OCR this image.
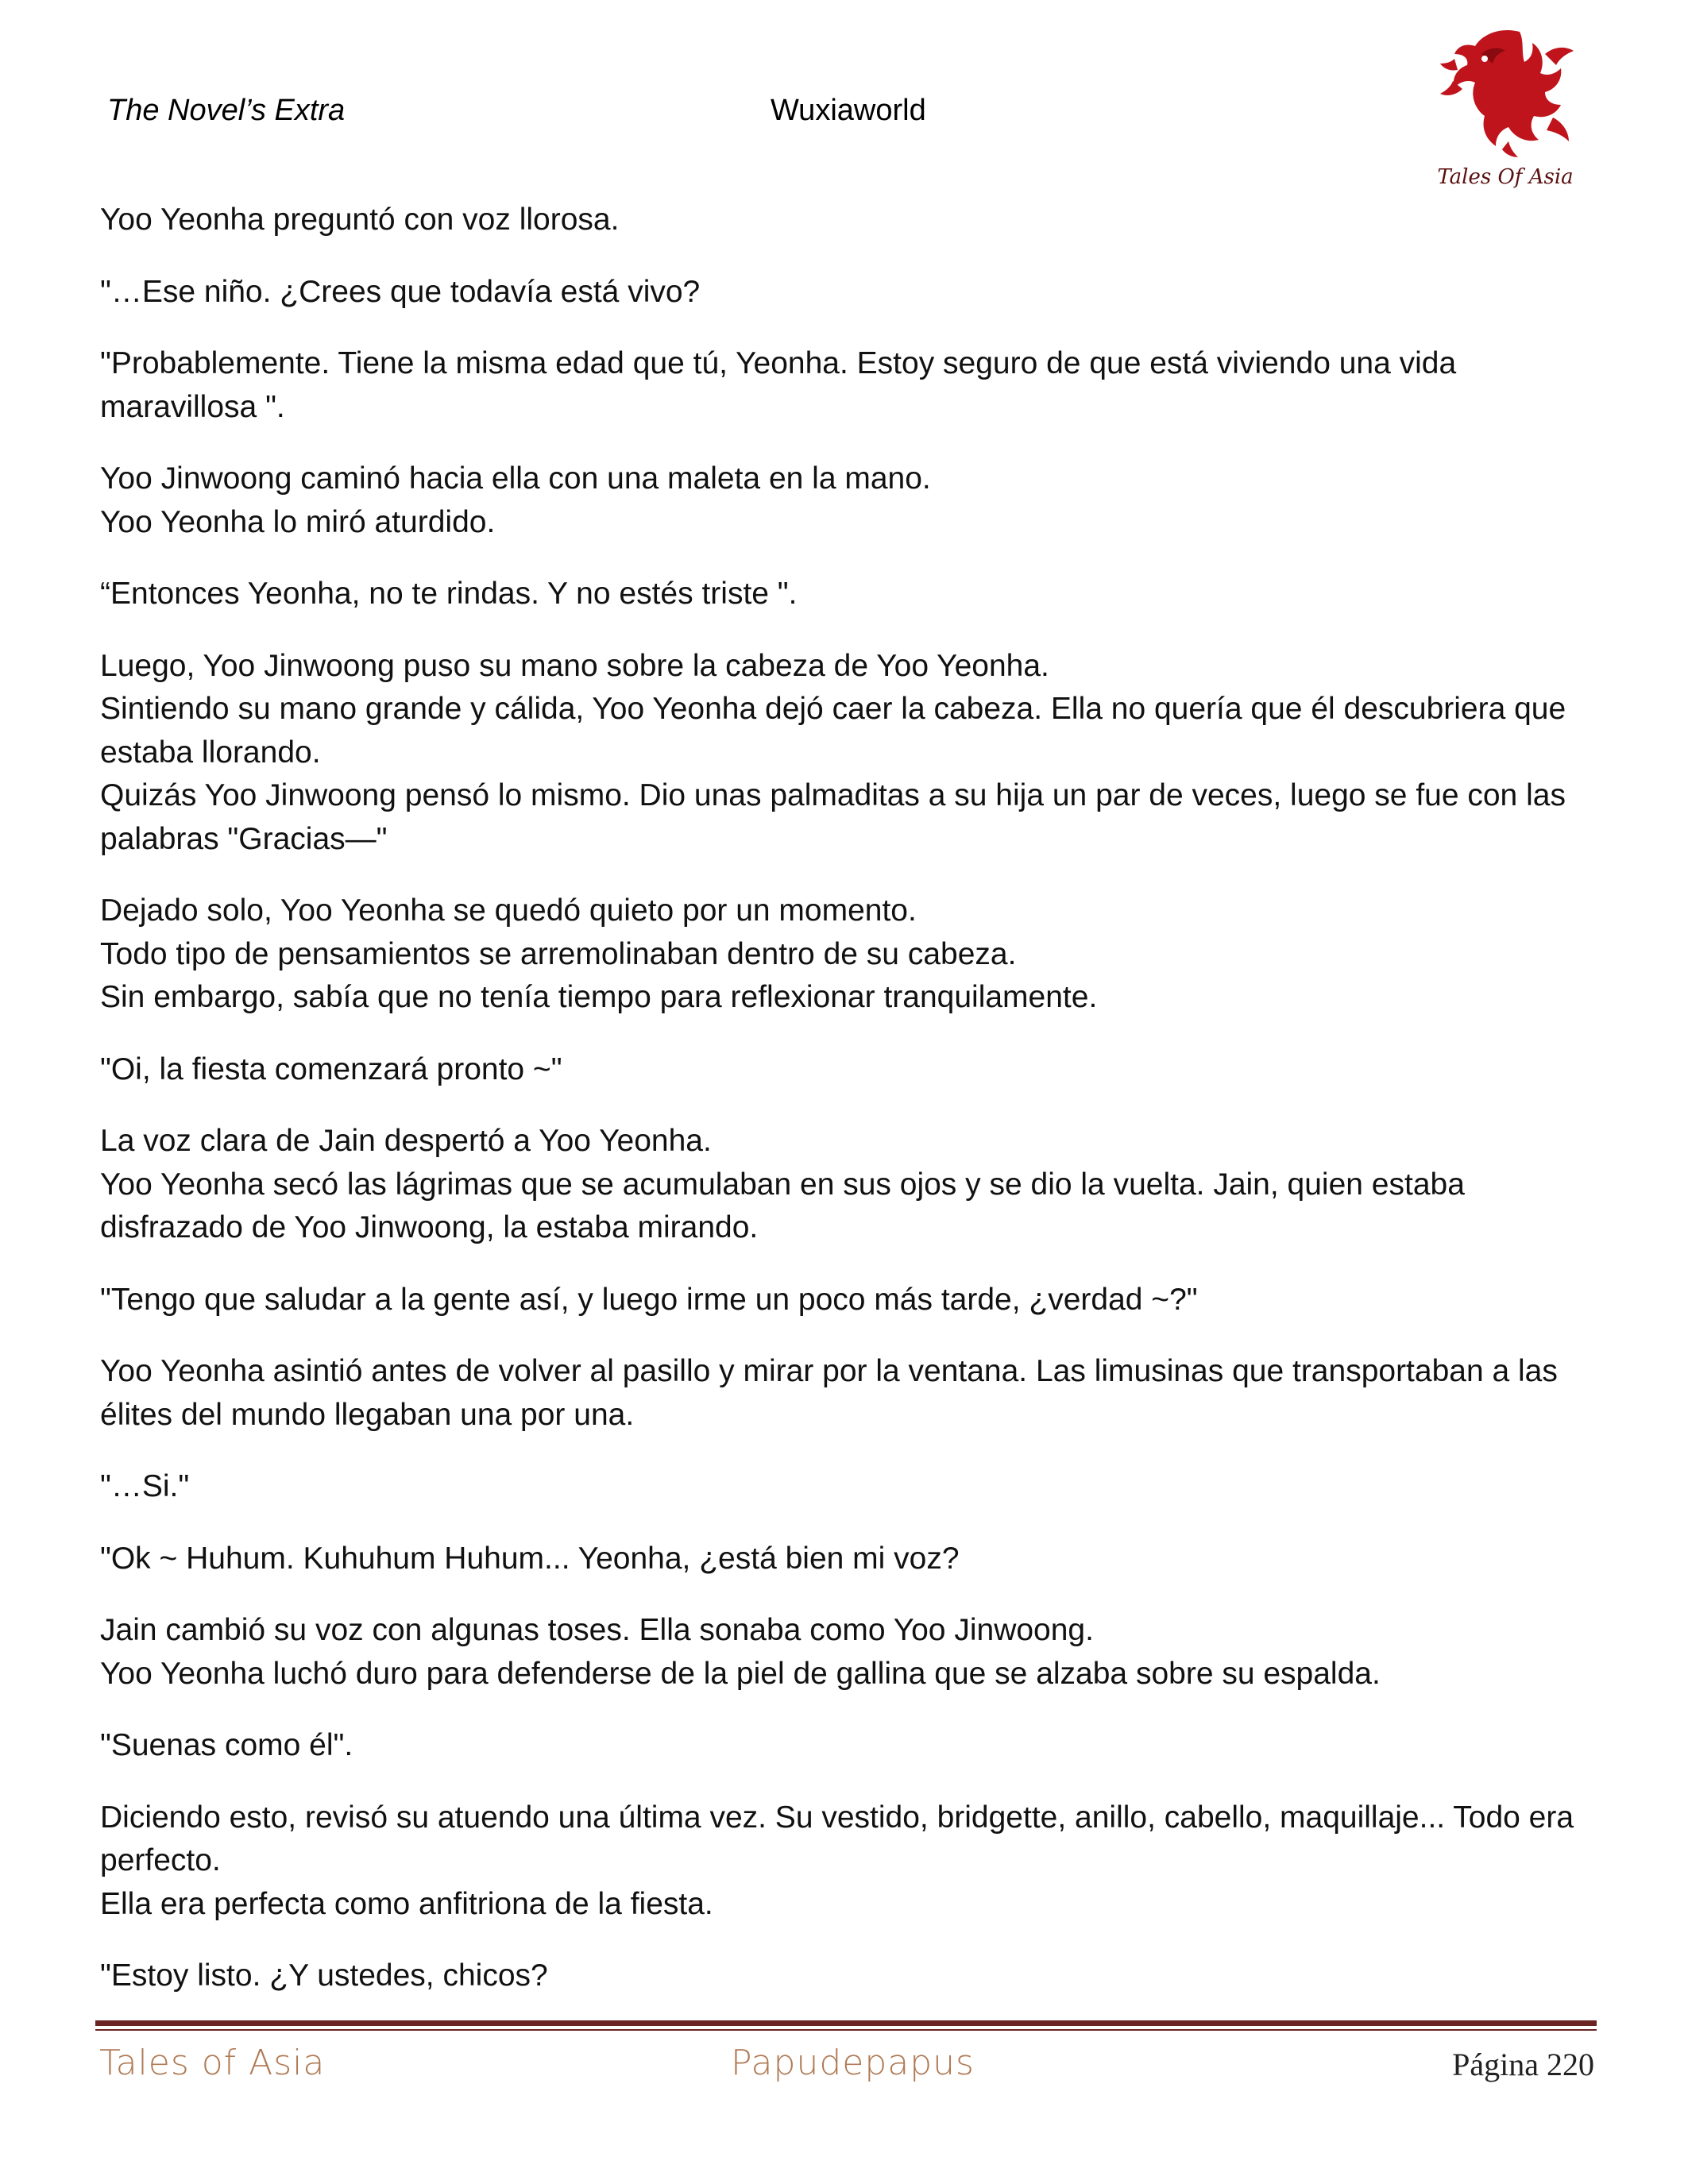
The Novel’s Extra	Wuxiaworld
Tales Of Asia

Yoo Yeonha preguntó con voz llorosa.

"…Ese niño. ¿Crees que todavía está vivo?

"Probablemente. Tiene la misma edad que tú, Yeonha. Estoy seguro de que está viviendo una vida maravillosa ".

Yoo Jinwoong caminó hacia ella con una maleta en la mano.
Yoo Yeonha lo miró aturdido.

“Entonces Yeonha, no te rindas. Y no estés triste ".

Luego, Yoo Jinwoong puso su mano sobre la cabeza de Yoo Yeonha.
Sintiendo su mano grande y cálida, Yoo Yeonha dejó caer la cabeza. Ella no quería que él descubriera que estaba llorando.
Quizás Yoo Jinwoong pensó lo mismo. Dio unas palmaditas a su hija un par de veces, luego se fue con las palabras "Gracias—"

Dejado solo, Yoo Yeonha se quedó quieto por un momento.
Todo tipo de pensamientos se arremolinaban dentro de su cabeza.
Sin embargo, sabía que no tenía tiempo para reflexionar tranquilamente.

"Oi, la fiesta comenzará pronto ~"

La voz clara de Jain despertó a Yoo Yeonha.
Yoo Yeonha secó las lágrimas que se acumulaban en sus ojos y se dio la vuelta. Jain, quien estaba disfrazado de Yoo Jinwoong, la estaba mirando.

"Tengo que saludar a la gente así, y luego irme un poco más tarde, ¿verdad ~?"

Yoo Yeonha asintió antes de volver al pasillo y mirar por la ventana. Las limusinas que transportaban a las élites del mundo llegaban una por una.

"…Si."

"Ok ~ Huhum. Kuhuhum Huhum... Yeonha, ¿está bien mi voz?

Jain cambió su voz con algunas toses. Ella sonaba como Yoo Jinwoong.
Yoo Yeonha luchó duro para defenderse de la piel de gallina que se alzaba sobre su espalda.

"Suenas como él".

Diciendo esto, revisó su atuendo una última vez. Su vestido, bridgette, anillo, cabello, maquillaje... Todo era perfecto.
Ella era perfecta como anfitriona de la fiesta.

"Estoy listo. ¿Y ustedes, chicos?

Tales of Asia	Papudepapus	Página 220
